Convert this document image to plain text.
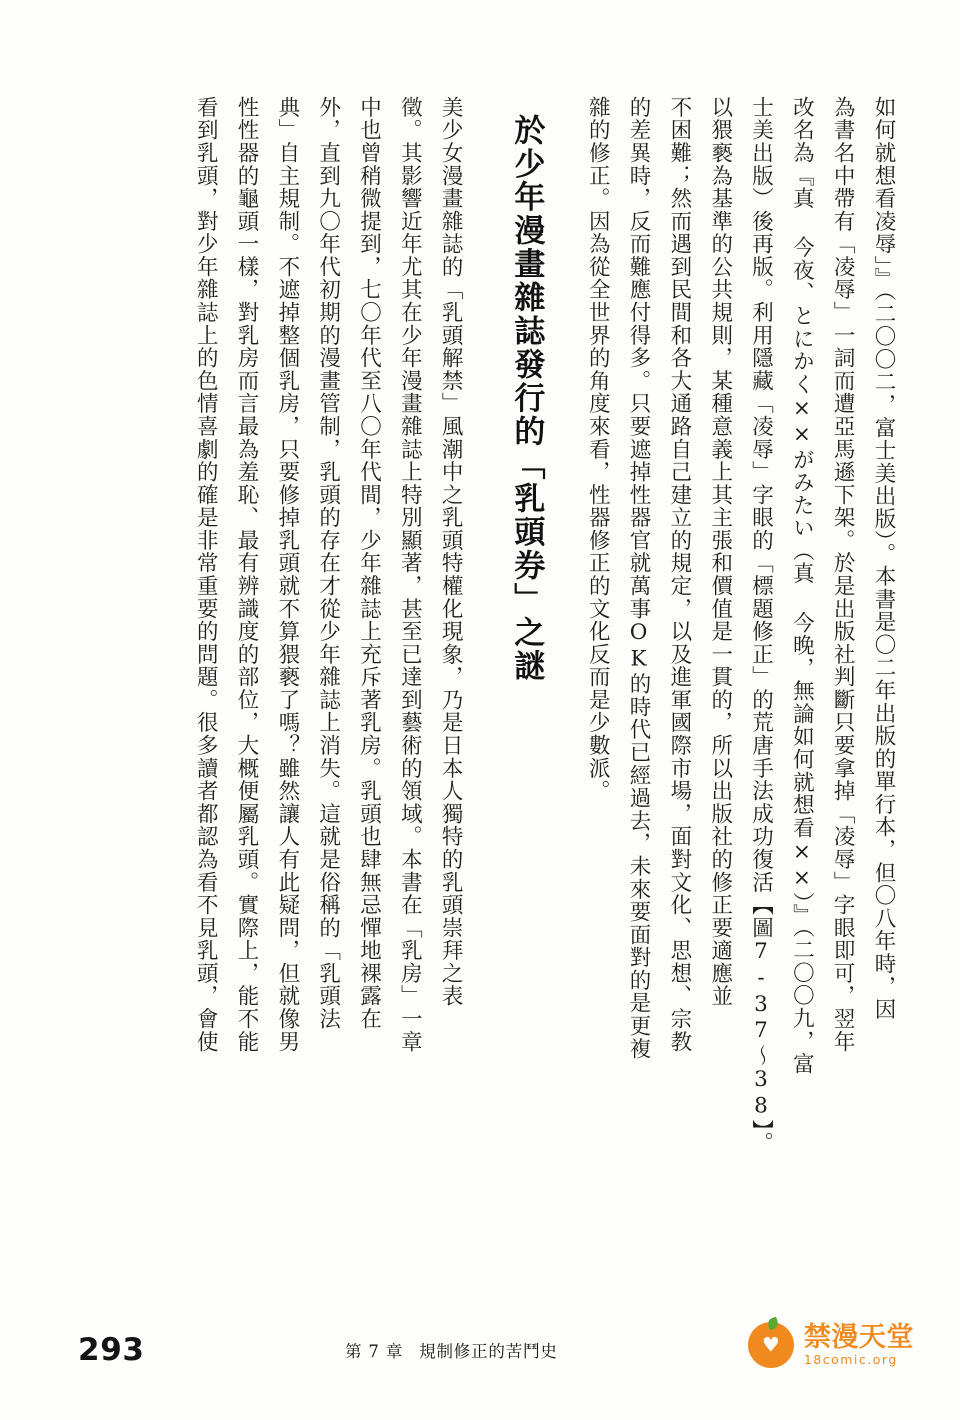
如何就想看凌辱」』（二〇〇二，富士美出版）。本書是〇二年出版的單行本，但〇八年時，因
為書名中帶有「凌辱」一詞而遭亞馬遜下架。於是出版社判斷只要拿掉「凌辱」字眼即可，翌年
改名為『真 今夜、とにかく××がみたい（真 今晚，無論如何就想看××）』（二〇〇九，富
士美出版）後再版。利用隱藏「凌辱」字眼的「標題修正」的荒唐手法成功復活【圖7-37～38】。
以猥褻為基準的公共規則，某種意義上其主張和價值是一貫的，所以出版社的修正要適應並
不困難；然而遇到民間和各大通路自己建立的規定，以及進軍國際市場，面對文化、思想、宗教
的差異時，反而難應付得多。只要遮掉性器官就萬事OK的時代已經過去，未來要面對的是更複
雜的修正。因為從全世界的角度來看，性器修正的文化反而是少數派。
於少年漫畫雜誌發行的「乳頭券」之謎
美少女漫畫雜誌的「乳頭解禁」風潮中之乳頭特權化現象，乃是日本人獨特的乳頭崇拜之表
徵。其影響近年尤其在少年漫畫雜誌上特別顯著，甚至已達到藝術的領域。本書在「乳房」一章
中也曾稍微提到，七〇年代至八〇年代間，少年雜誌上充斥著乳房。乳頭也肆無忌憚地裸露在
外，直到九〇年代初期的漫畫管制，乳頭的存在才從少年雜誌上消失。這就是俗稱的「乳頭法
典」自主規制。不遮掉整個乳房，只要修掉乳頭就不算猥褻了嗎？雖然讓人有此疑問，但就像男
性性器的龜頭一樣，對乳房而言最為羞恥、最有辨識度的部位，大概便屬乳頭。實際上，能不能
看到乳頭，對少年雜誌上的色情喜劇的確是非常重要的問題。很多讀者都認為看不見乳頭，會使
293	第 7 章 規制修正的苦鬥史	♥ 禁漫天堂
18comic.org
